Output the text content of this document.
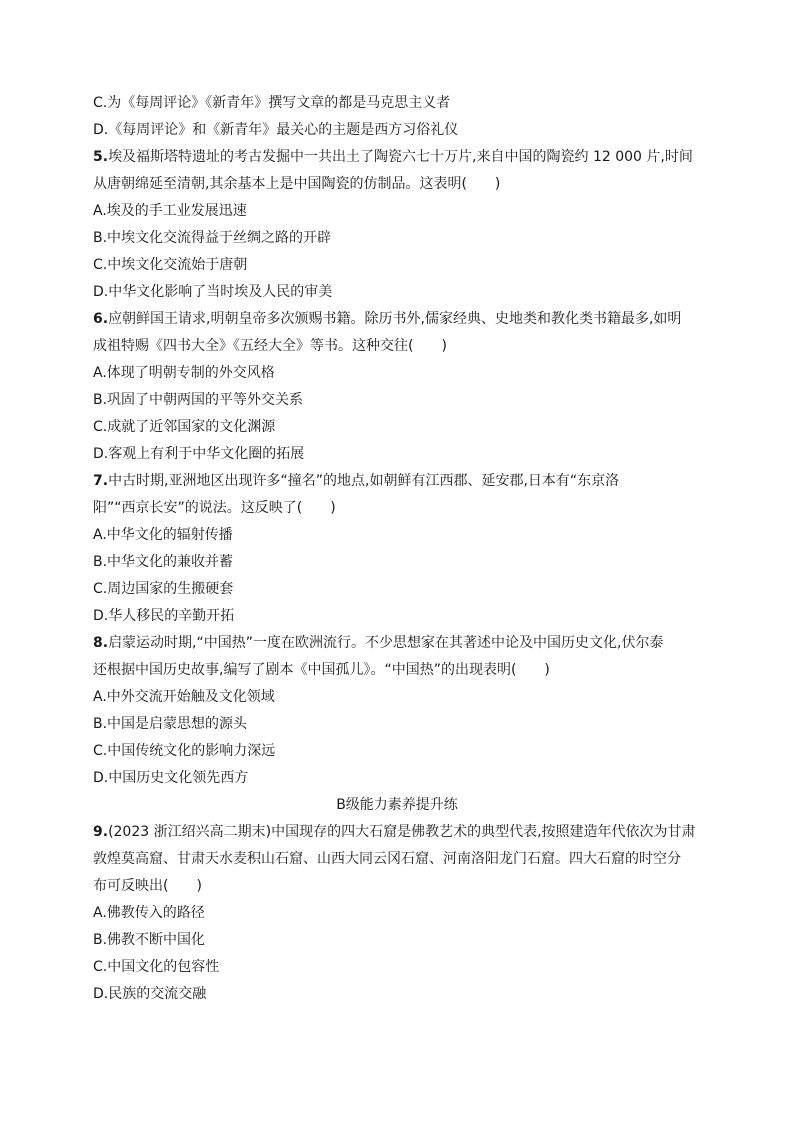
C.为《每周评论》《新青年》撰写文章的都是马克思主义者
D.《每周评论》和《新青年》最关心的主题是西方习俗礼仪
5.埃及福斯塔特遗址的考古发掘中一共出土了陶瓷六七十万片,来自中国的陶瓷约 12 000 片,时间
从唐朝绵延至清朝,其余基本上是中国陶瓷的仿制品。这表明(　　)
A.埃及的手工业发展迅速
B.中埃文化交流得益于丝绸之路的开辟
C.中埃文化交流始于唐朝
D.中华文化影响了当时埃及人民的审美
6.应朝鲜国王请求,明朝皇帝多次颁赐书籍。除历书外,儒家经典、史地类和教化类书籍最多,如明
成祖特赐《四书大全》《五经大全》等书。这种交往(　　)
A.体现了明朝专制的外交风格
B.巩固了中朝两国的平等外交关系
C.成就了近邻国家的文化渊源
D.客观上有利于中华文化圈的拓展
7.中古时期,亚洲地区出现许多“撞名”的地点,如朝鲜有江西郡、延安郡,日本有“东京洛
阳”“西京长安”的说法。这反映了(　　)
A.中华文化的辐射传播
B.中华文化的兼收并蓄
C.周边国家的生搬硬套
D.华人移民的辛勤开拓
8.启蒙运动时期,“中国热”一度在欧洲流行。不少思想家在其著述中论及中国历史文化,伏尔泰
还根据中国历史故事,编写了剧本《中国孤儿》。“中国热”的出现表明(　　)
A.中外交流开始触及文化领域
B.中国是启蒙思想的源头
C.中国传统文化的影响力深远
D.中国历史文化领先西方
B级能力素养提升练
9.(2023 浙江绍兴高二期末)中国现存的四大石窟是佛教艺术的典型代表,按照建造年代依次为甘肃
敦煌莫高窟、甘肃天水麦积山石窟、山西大同云冈石窟、河南洛阳龙门石窟。四大石窟的时空分
布可反映出(　　)
A.佛教传入的路径
B.佛教不断中国化
C.中国文化的包容性
D.民族的交流交融
